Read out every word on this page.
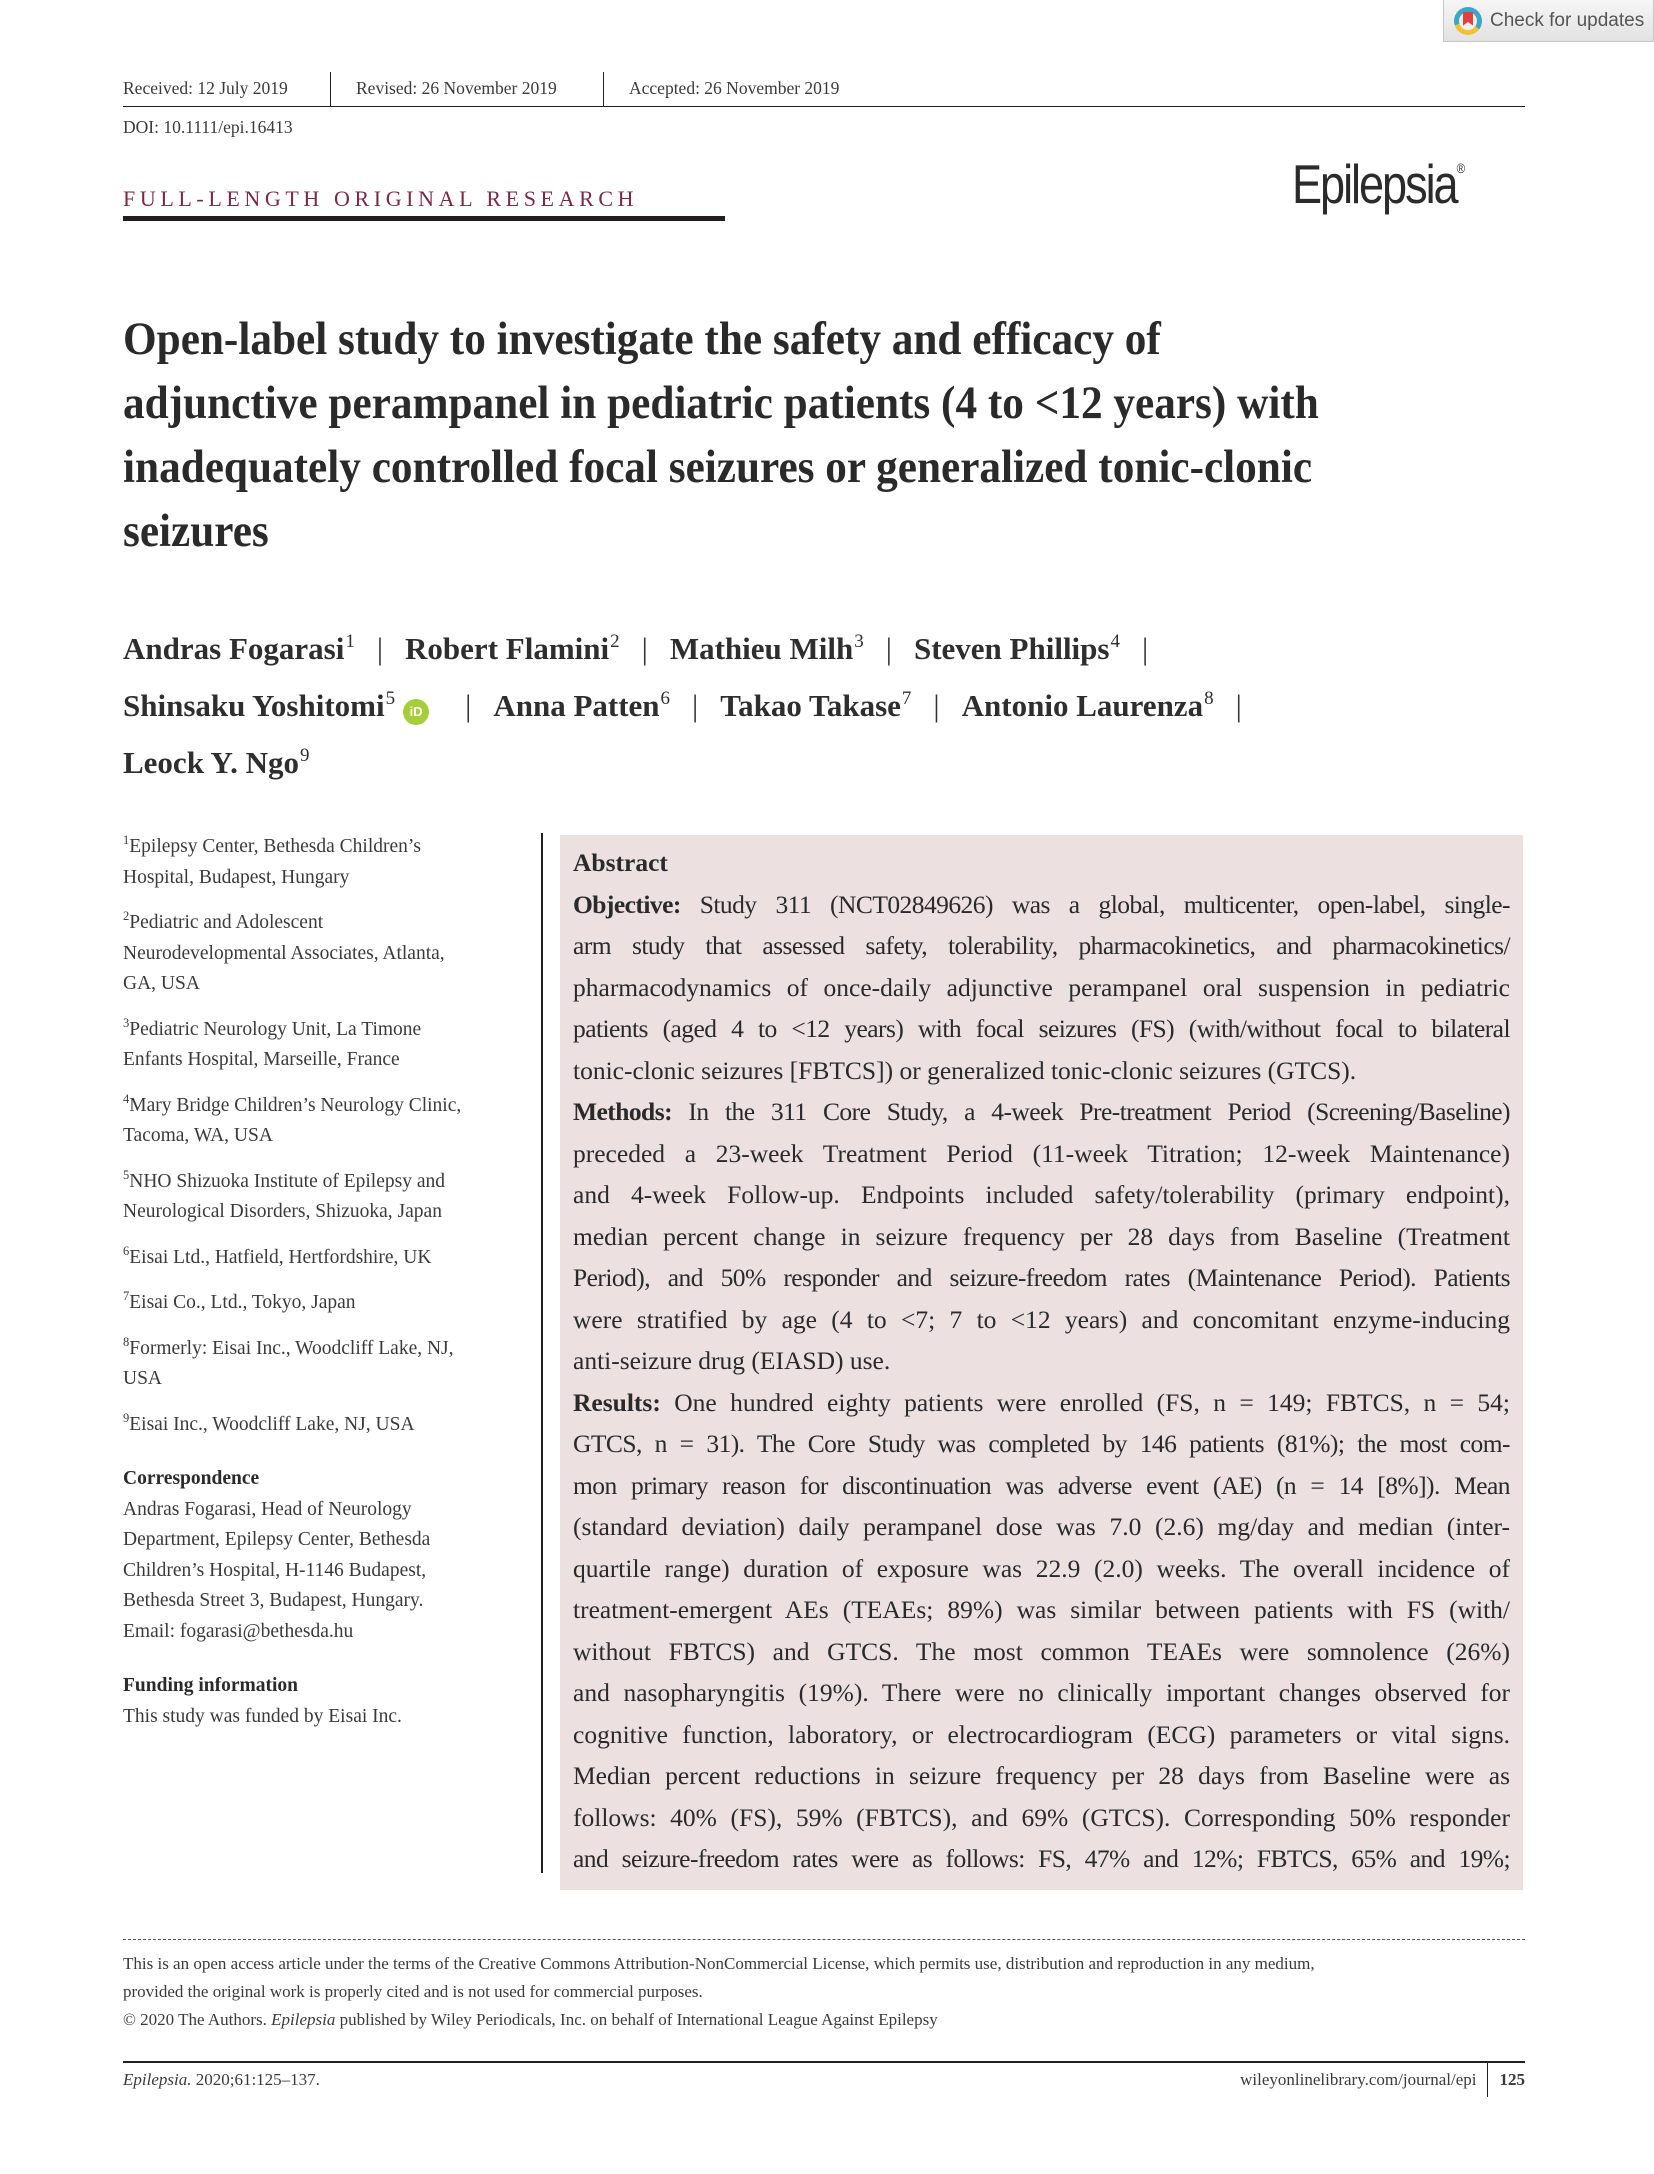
Check for updates
Received: 12 July 2019	Revised: 26 November 2019	Accepted: 26 November 2019
DOI: 10.1111/epi.16413
FULL-LENGTH ORIGINAL RESEARCH	Epilepsia®
Open-label study to investigate the safety and efficacy of
adjunctive perampanel in pediatric patients (4 to <12 years) with
inadequately controlled focal seizures or generalized tonic-clonic
seizures
Andras Fogarasi$^1$ | Robert Flamini$^2$ | Mathieu Milh$^3$ | Steven Phillips$^4$ |
Shinsaku Yoshitomi$^5$
iD | Anna Patten$^6$ | Takao Takase$^7$ | Antonio Laurenza$^8$ |
Leock Y. Ngo$^9$
$^1$Epilepsy Center, Bethesda Children’s
Hospital, Budapest, Hungary
$^2$Pediatric and Adolescent
Neurodevelopmental Associates, Atlanta,
GA, USA
$^3$Pediatric Neurology Unit, La Timone
Enfants Hospital, Marseille, France
$^4$Mary Bridge Children’s Neurology Clinic,
Tacoma, WA, USA
$^5$NHO Shizuoka Institute of Epilepsy and
Neurological Disorders, Shizuoka, Japan
$^6$Eisai Ltd., Hatfield, Hertfordshire, UK
$^7$Eisai Co., Ltd., Tokyo, Japan
$^8$Formerly: Eisai Inc., Woodcliff Lake, NJ,
USA
$^9$Eisai Inc., Woodcliff Lake, NJ, USA
Correspondence
Andras Fogarasi, Head of Neurology
Department, Epilepsy Center, Bethesda
Children’s Hospital, H-1146 Budapest,
Bethesda Street 3, Budapest, Hungary.
Email: fogarasi@bethesda.hu
Funding information
This study was funded by Eisai Inc.
Abstract
Objective: Study 311 (NCT02849626) was a global, multicenter, open-label, single-
arm study that assessed safety, tolerability, pharmacokinetics, and pharmacokinetics/
pharmacodynamics of once-daily adjunctive perampanel oral suspension in pediatric
patients (aged 4 to <12 years) with focal seizures (FS) (with/without focal to bilateral
tonic-clonic seizures [FBTCS]) or generalized tonic-clonic seizures (GTCS).
Methods: In the 311 Core Study, a 4-week Pre-treatment Period (Screening/Baseline)
preceded a 23-week Treatment Period (11-week Titration; 12-week Maintenance)
and 4-week Follow-up. Endpoints included safety/tolerability (primary endpoint),
median percent change in seizure frequency per 28 days from Baseline (Treatment
Period), and 50% responder and seizure-freedom rates (Maintenance Period). Patients
were stratified by age (4 to <7; 7 to <12 years) and concomitant enzyme-inducing
anti-seizure drug (EIASD) use.
Results: One hundred eighty patients were enrolled (FS, n = 149; FBTCS, n = 54;
GTCS, n = 31). The Core Study was completed by 146 patients (81%); the most com-
mon primary reason for discontinuation was adverse event (AE) (n = 14 [8%]). Mean
(standard deviation) daily perampanel dose was 7.0 (2.6) mg/day and median (inter-
quartile range) duration of exposure was 22.9 (2.0) weeks. The overall incidence of
treatment-emergent AEs (TEAEs; 89%) was similar between patients with FS (with/
without FBTCS) and GTCS. The most common TEAEs were somnolence (26%)
and nasopharyngitis (19%). There were no clinically important changes observed for
cognitive function, laboratory, or electrocardiogram (ECG) parameters or vital signs.
Median percent reductions in seizure frequency per 28 days from Baseline were as
follows: 40% (FS), 59% (FBTCS), and 69% (GTCS). Corresponding 50% responder
and seizure-freedom rates were as follows: FS, 47% and 12%; FBTCS, 65% and 19%;
This is an open access article under the terms of the Creative Commons Attribution-NonCommercial License, which permits use, distribution and reproduction in any medium,
provided the original work is properly cited and is not used for commercial purposes.
© 2020 The Authors. Epilepsia published by Wiley Periodicals, Inc. on behalf of International League Against Epilepsy
Epilepsia. 2020;61:125–137.	wileyonlinelibrary.com/journal/epi	125
